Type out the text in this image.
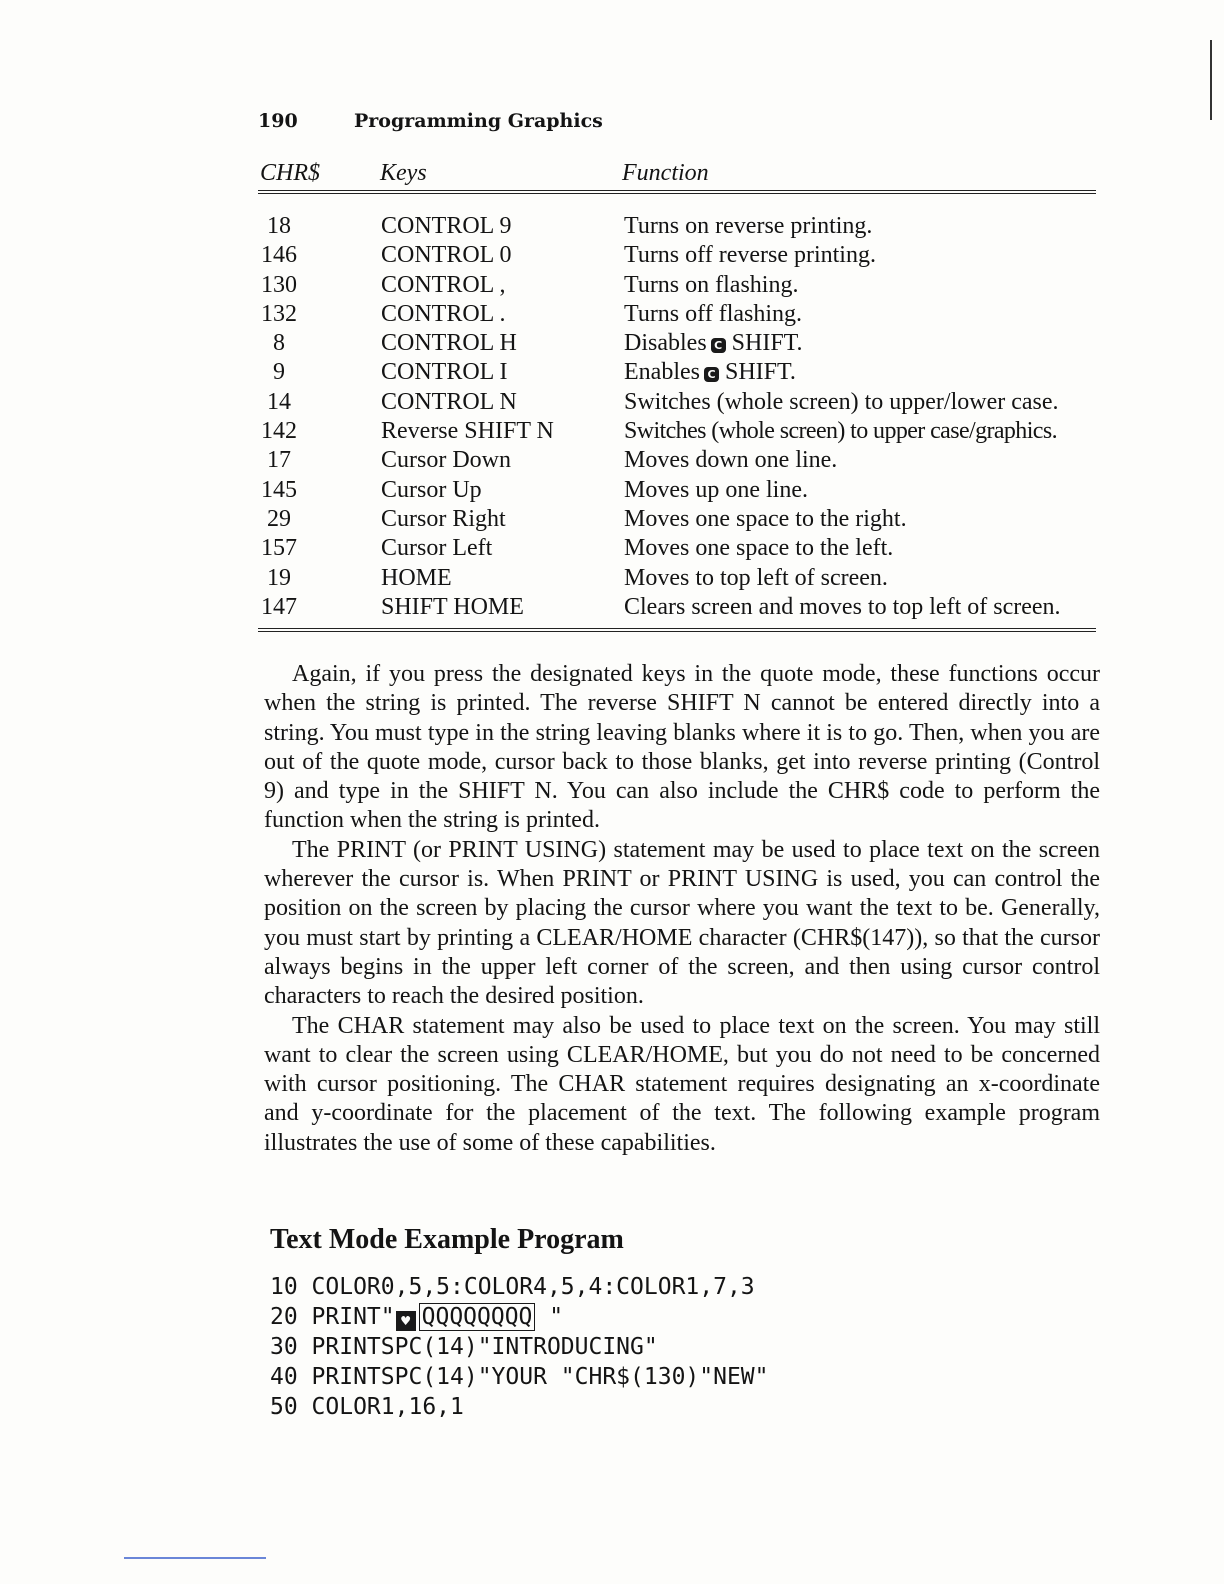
190	Programming Graphics
CHR$	Keys	Function
18	CONTROL 9	Turns on reverse printing.
146	CONTROL 0	Turns off reverse printing.
130	CONTROL ,	Turns on flashing.
132	CONTROL .	Turns off flashing.
8	CONTROL H	Disables C SHIFT.
9	CONTROL I	Enables C SHIFT.
14	CONTROL N	Switches (whole screen) to upper/lower case.
142	Reverse SHIFT N	Switches (whole screen) to upper case/graphics.
17	Cursor Down	Moves down one line.
145	Cursor Up	Moves up one line.
29	Cursor Right	Moves one space to the right.
157	Cursor Left	Moves one space to the left.
19	HOME	Moves to top left of screen.
147	SHIFT HOME	Clears screen and moves to top left of screen.

Again, if you press the designated keys in the quote mode, these functions occur when the string is printed. The reverse SHIFT N cannot be entered directly into a string. You must type in the string leaving blanks where it is to go. Then, when you are out of the quote mode, cursor back to those blanks, get into reverse printing (Control 9) and type in the SHIFT N. You can also include the CHR$ code to perform the function when the string is printed.

The PRINT (or PRINT USING) statement may be used to place text on the screen wherever the cursor is. When PRINT or PRINT USING is used, you can control the position on the screen by placing the cursor where you want the text to be. Generally, you must start by printing a CLEAR/HOME character (CHR$(147)), so that the cursor always begins in the upper left corner of the screen, and then using cursor control characters to reach the desired position.

The CHAR statement may also be used to place text on the screen. You may still want to clear the screen using CLEAR/HOME, but you do not need to be concerned with cursor positioning. The CHAR statement requires designating an x-coordinate and y-coordinate for the placement of the text. The following example program illustrates the use of some of these capabilities.

Text Mode Example Program
10 COLOR0,5,5:COLOR4,5,4:COLOR1,7,3
20 PRINT" ♥ QQQQQQQQ "
30 PRINTSPC(14)"INTRODUCING"
40 PRINTSPC(14)"YOUR "CHR$(130)"NEW"
50 COLOR1,16,1
